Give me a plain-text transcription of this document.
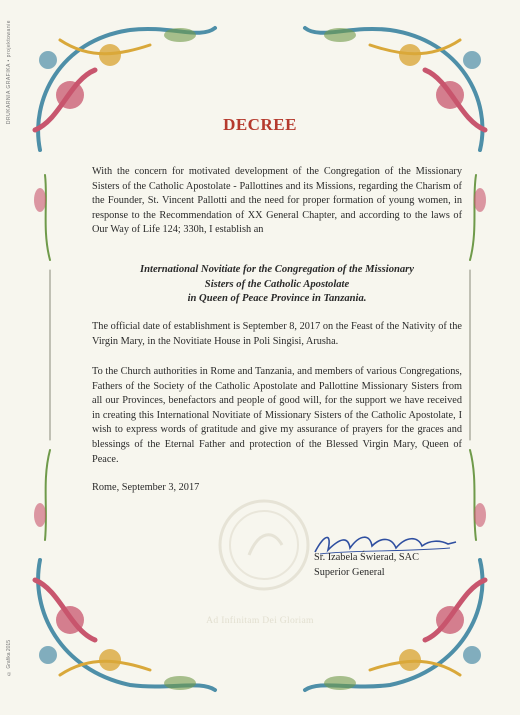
DRUKARNIA GRAFIKA • projektowanie
© Grafika 2015
DECREE
With the concern for motivated development of the Congregation of the Missionary Sisters of the Catholic Apostolate - Pallottines and its Missions, regarding the Charism of the Founder, St. Vincent Pallotti and the need for proper formation of young women, in response to the Recommendation of XX General Chapter, and according to the laws of Our Way of Life 124; 330h, I establish an
International Novitiate for the Congregation of the Missionary
Sisters of the Catholic Apostolate
in Queen of Peace Province in Tanzania.
The official date of establishment is September 8, 2017 on the Feast of the Nativity of the Virgin Mary, in the Novitiate House in Poli Singisi, Arusha.
To the Church authorities in Rome and Tanzania, and members of various Congregations, Fathers of the Society of the Catholic Apostolate and Pallottine Missionary Sisters from all our Provinces, benefactors and people of good will, for the support we have received in creating this International Novitiate of Missionary Sisters of the Catholic Apostolate, I wish to express words of gratitude and give my assurance of prayers for the graces and blessings of the Eternal Father and protection of the Blessed Virgin Mary, Queen of Peace.
Rome, September 3, 2017
Sr. Izabela Świerad, SAC
Superior General
Ad Infinitam Dei Gloriam
